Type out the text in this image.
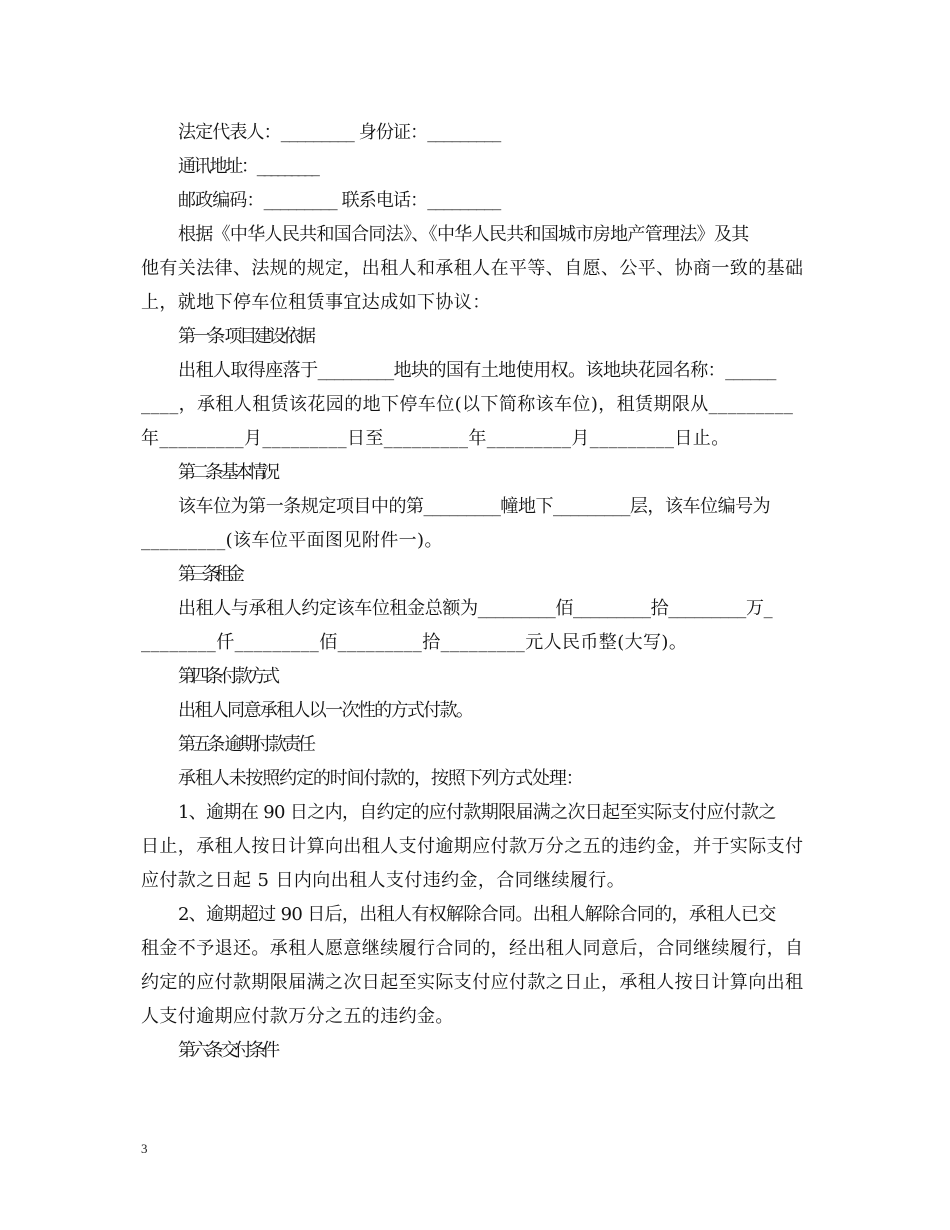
法定代表人：_________ 身份证：_________
通讯地址：_________
邮政编码：_________ 联系电话：_________
根据《中华人民共和国合同法》、《中华人民共和国城市房地产管理法》及其
他有关法律、法规的规定，出租人和承租人在平等、自愿、公平、协商一致的基础
上，就地下停车位租赁事宜达成如下协议：
第一条 项目建设依据
出租人取得座落于_________地块的国有土地使用权。该地块花园名称：______
____，承租人租赁该花园的地下停车位(以下简称该车位)，租赁期限从_________
年_________月_________日至_________年_________月_________日止。
第二条 基本情况
该车位为第一条规定项目中的第_________幢地下_________层，该车位编号为
_________(该车位平面图见附件一)。
第三条 租金
出租人与承租人约定该车位租金总额为_________佰_________拾_________万_
________仟_________佰_________拾_________元人民币整(大写)。
第四条 付款方式
出租人同意承租人以一次性的方式付款。
第五条 逾期付款责任
承租人未按照约定的时间付款的，按照下列方式处理：
1、逾期在 90 日之内，自约定的应付款期限届满之次日起至实际支付应付款之
日止，承租人按日计算向出租人支付逾期应付款万分之五的违约金，并于实际支付
应付款之日起 5 日内向出租人支付违约金，合同继续履行。
2、逾期超过 90 日后，出租人有权解除合同。出租人解除合同的，承租人已交
租金不予退还。承租人愿意继续履行合同的，经出租人同意后，合同继续履行，自
约定的应付款期限届满之次日起至实际支付应付款之日止，承租人按日计算向出租
人支付逾期应付款万分之五的违约金。
第六条 交付条件
3
